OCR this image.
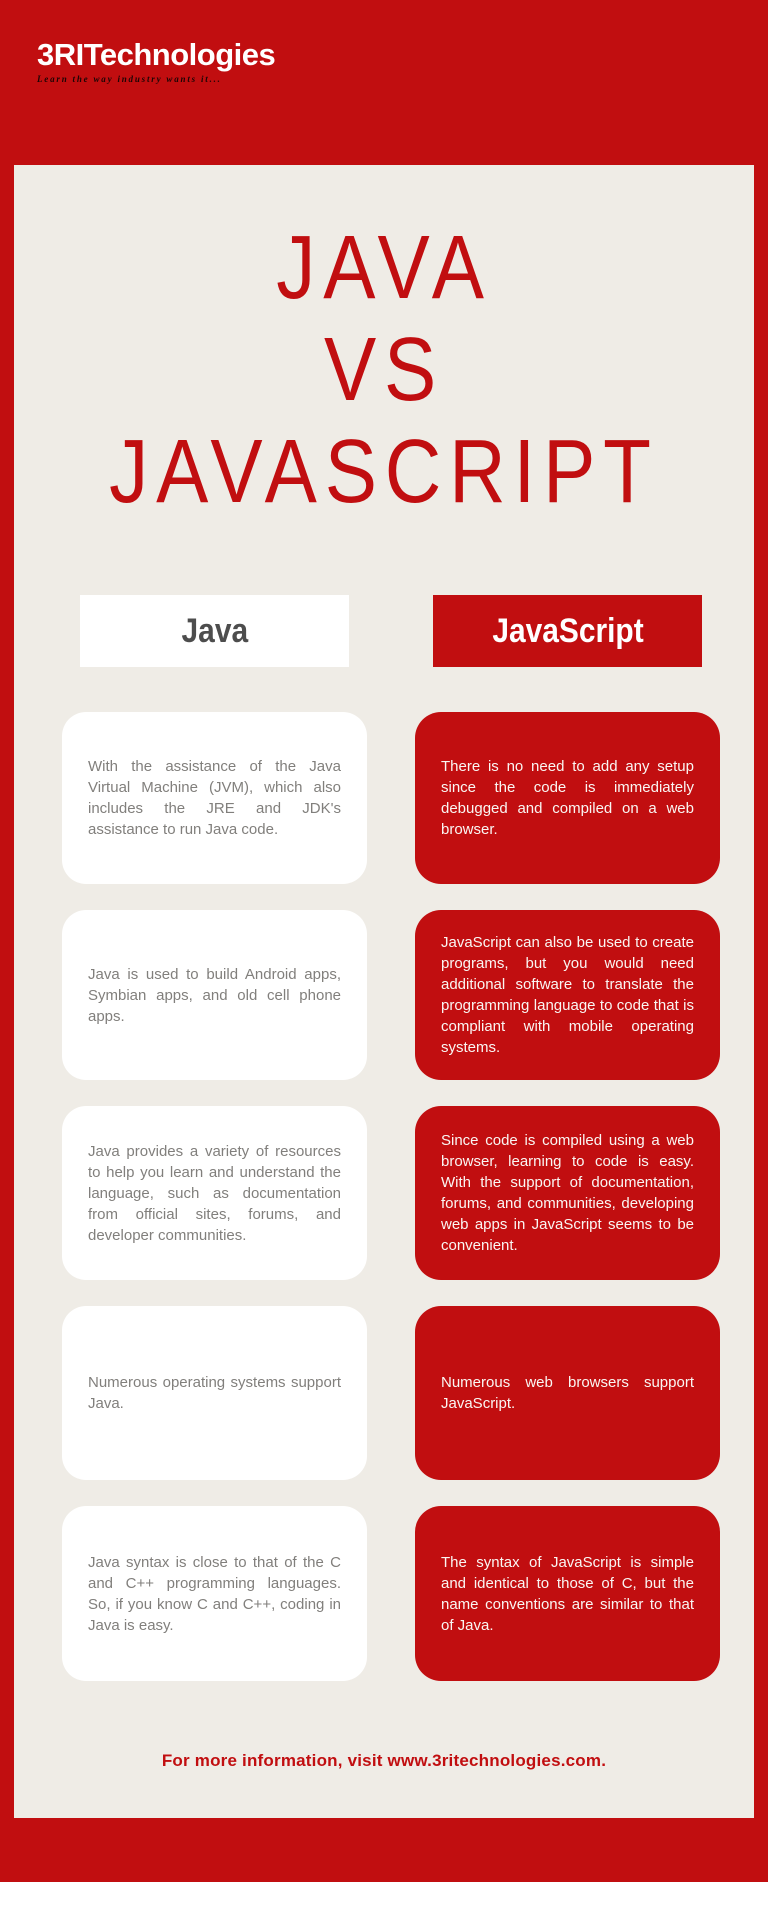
3RITechnologies
Learn the way industry wants it...
JAVA
VS
JAVASCRIPT
Java	JavaScript

With the assistance of the Java Virtual Machine (JVM), which also includes the JRE and JDK's assistance to run Java code.

There is no need to add any setup since the code is immediately debugged and compiled on a web browser.

Java is used to build Android apps, Symbian apps, and old cell phone apps.

JavaScript can also be used to create programs, but you would need additional software to translate the programming language to code that is compliant with mobile operating systems.

Java provides a variety of resources to help you learn and understand the language, such as documentation from official sites, forums, and developer communities.

Since code is compiled using a web browser, learning to code is easy. With the support of documentation, forums, and communities, developing web apps in JavaScript seems to be convenient.

Numerous operating systems support Java.

Numerous web browsers support JavaScript.

Java syntax is close to that of the C and C++ programming languages. So, if you know C and C++, coding in Java is easy.

The syntax of JavaScript is simple and identical to those of C, but the name conventions are similar to that of Java.

For more information, visit www.3ritechnologies.com.
